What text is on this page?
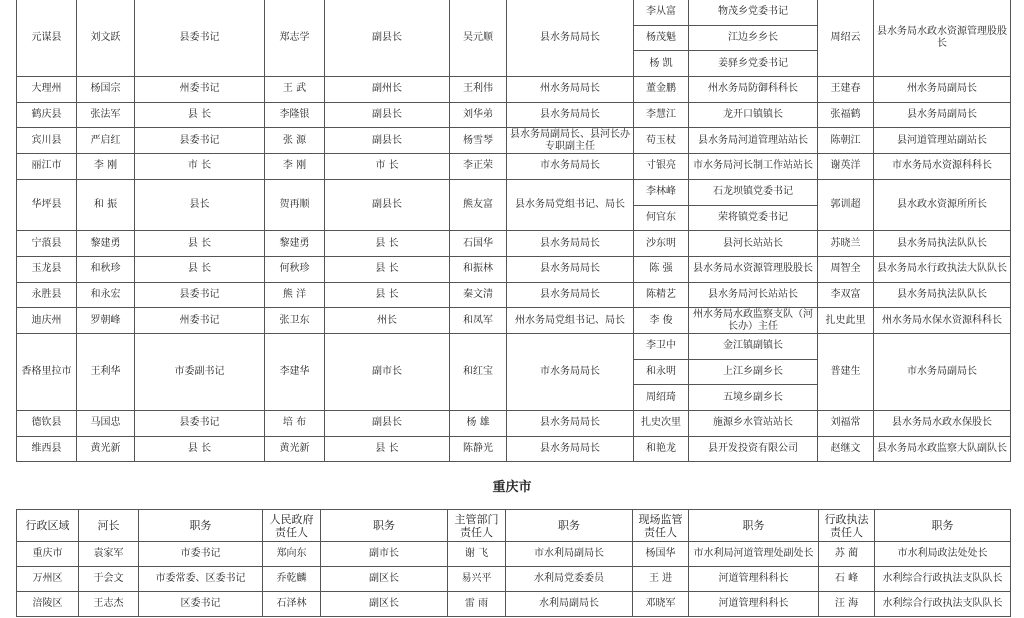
元谋县	刘文跃	县委书记	郑志学	副县长	吴元顺	县水务局局长	李从富	物茂乡党委书记	周绍云	县水务局水政水资源管理股股长
							杨茂魁	江边乡乡长		
							杨 凯	姜驿乡党委书记		
大理州	杨国宗	州委书记	王 武	副州长	王利伟	州水务局局长	董金鹏	州水务局防御科科长	王建春	州水务局副局长
鹤庆县	张法军	县 长	李隆银	副县长	刘华弟	县水务局局长	李慧江	龙开口镇镇长	张福鹤	县水务局副局长
宾川县	严启红	县委书记	张 源	副县长	杨雪琴	县水务局副局长、县河长办专职副主任	苟玉杖	县水务局河道管理站站长	陈朝江	县河道管理站副站长
丽江市	李 刚	市 长	李 刚	市 长	李正荣	市水务局局长	寸银亮	市水务局河长制工作站站长	谢英洋	市水务局水资源科科长
华坪县	和 振	县长	贺再顺	副县长	熊友富	县水务局党组书记、局长	李林峰	石龙坝镇党委书记	郭训超	县水政水资源所所长
							何官东	荣将镇党委书记		
宁蒗县	黎建勇	县 长	黎建勇	县 长	石国华	县水务局局长	沙东明	县河长站站长	苏晓兰	县水务局执法队队长
玉龙县	和秋珍	县 长	何秋珍	县 长	和振林	县水务局局长	陈 强	县水务局水资源管理股股长	周智全	县水务局水行政执法大队队长
永胜县	和永宏	县委书记	熊 洋	县 长	秦文清	县水务局局长	陈精艺	县水务局河长站站长	李双富	县水务局执法队队长
迪庆州	罗朝峰	州委书记	张卫东	州长	和凤军	州水务局党组书记、局长	李 俊	州水务局水政监察支队（河长办）主任	扎史此里	州水务局水保水资源科科长
香格里拉市	王利华	市委副书记	李建华	副市长	和红宝	市水务局局长	李卫中	金江镇副镇长	普建生	市水务局副局长
							和永明	上江乡副乡长		
							周绍琦	五境乡副乡长		
德钦县	马国忠	县委书记	培 布	副县长	杨 雄	县水务局局长	扎史次里	施源乡水管站站长	刘福常	县水务局水政水保股长
维西县	黄光新	县 长	黄光新	县 长	陈静光	县水务局局长	和艳龙	县开发投资有限公司	赵继文	县水务局水政监察大队副队长
重庆市
行政区域	河长	职务	人民政府责任人	职务	主管部门责任人	职务	现场监管责任人	职务	行政执法责任人	职务
重庆市	袁家军	市委书记	郑向东	副市长	谢 飞	市水利局副局长	杨国华	市水利局河道管理处副处长	苏 蔺	市水利局政法处处长
万州区	于会文	市委常委、区委书记	乔乾麟	副区长	易兴平	水利局党委委员	王 进	河道管理科科长	石 峰	水利综合行政执法支队队长
涪陵区	王志杰	区委书记	石泽林	副区长	雷 雨	水利局副局长	邓晓军	河道管理科科长	汪 海	水利综合行政执法支队队长
